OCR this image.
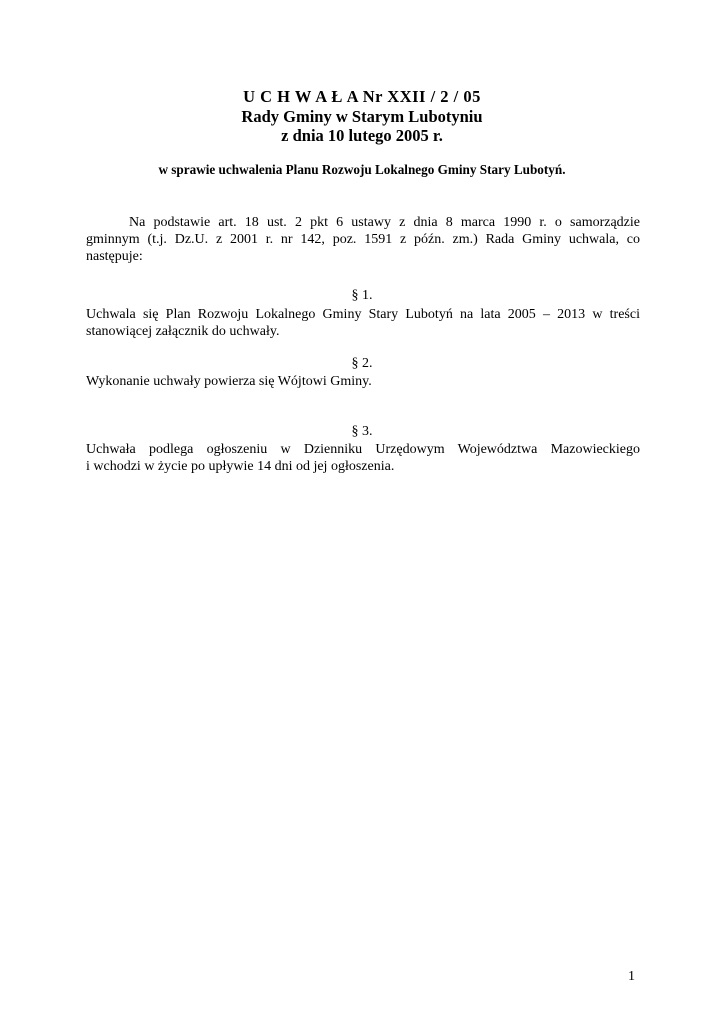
U C H W A Ł A Nr XXII / 2 / 05
Rady Gminy w Starym Lubotyniu
z dnia 10 lutego 2005 r.
w sprawie uchwalenia Planu Rozwoju Lokalnego Gminy Stary Lubotyń.
Na podstawie art. 18 ust. 2 pkt 6 ustawy z dnia 8 marca 1990 r. o samorządzie
gminnym (t.j. Dz.U. z 2001 r. nr 142, poz. 1591 z późn. zm.) Rada Gminy uchwala, co
następuje:
§ 1.
Uchwala się Plan Rozwoju Lokalnego Gminy Stary Lubotyń na lata 2005 – 2013 w treści
stanowiącej załącznik do uchwały.
§ 2.
Wykonanie uchwały powierza się Wójtowi Gminy.
§ 3.
Uchwała podlega ogłoszeniu w Dzienniku Urzędowym Województwa Mazowieckiego
i wchodzi w życie po upływie 14 dni od jej ogłoszenia.
1
